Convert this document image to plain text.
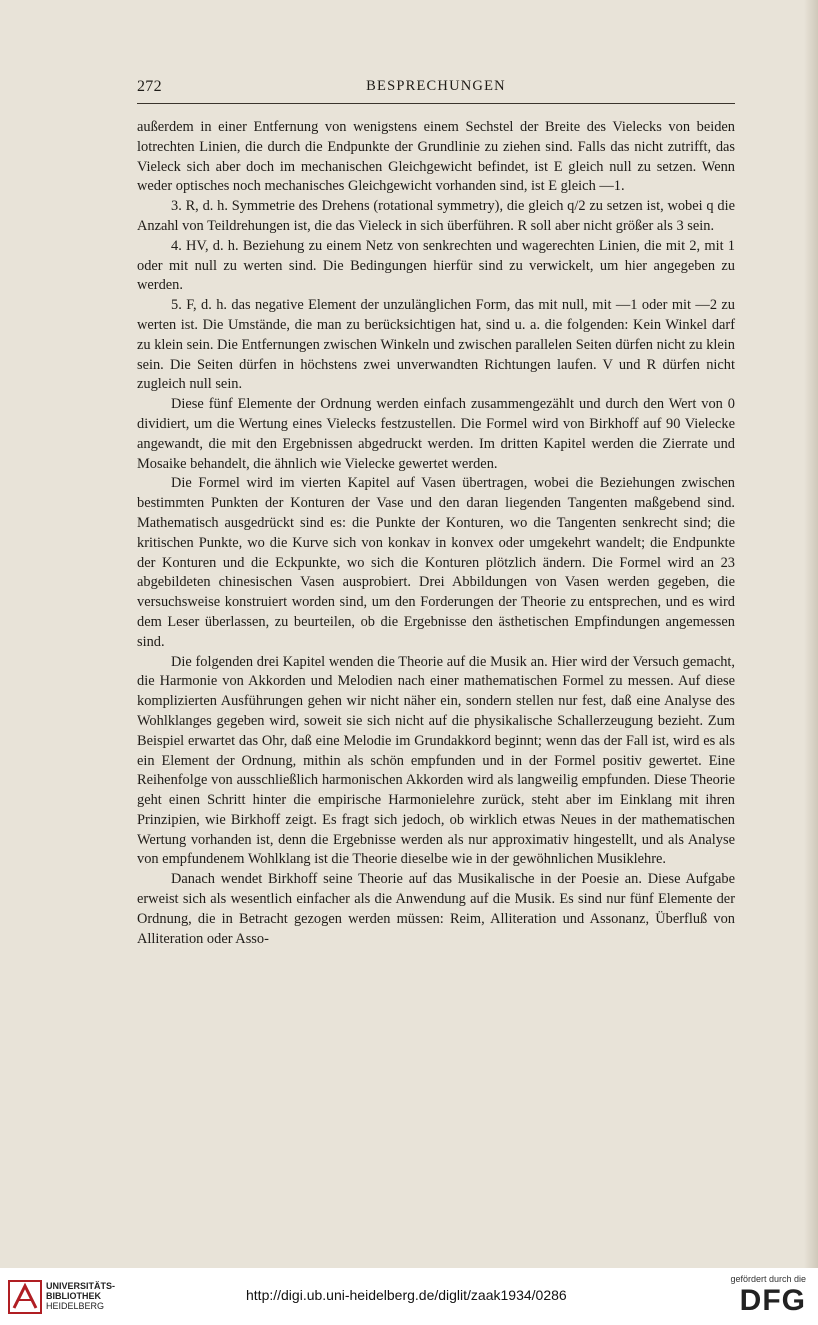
272	BESPRECHUNGEN

außerdem in einer Entfernung von wenigstens einem Sechstel der Breite des Vielecks von beiden lotrechten Linien, die durch die Endpunkte der Grundlinie zu ziehen sind. Falls das nicht zutrifft, das Vieleck sich aber doch im mechanischen Gleichgewicht befindet, ist E gleich null zu setzen. Wenn weder optisches noch mechanisches Gleichgewicht vorhanden sind, ist E gleich —1.

3. R, d. h. Symmetrie des Drehens (rotational symmetry), die gleich q/2 zu setzen ist, wobei q die Anzahl von Teildrehungen ist, die das Vieleck in sich überführen. R soll aber nicht größer als 3 sein.

4. HV, d. h. Beziehung zu einem Netz von senkrechten und wagerechten Linien, die mit 2, mit 1 oder mit null zu werten sind. Die Bedingungen hierfür sind zu verwickelt, um hier angegeben zu werden.

5. F, d. h. das negative Element der unzulänglichen Form, das mit null, mit —1 oder mit —2 zu werten ist. Die Umstände, die man zu berücksichtigen hat, sind u. a. die folgenden: Kein Winkel darf zu klein sein. Die Entfernungen zwischen Winkeln und zwischen parallelen Seiten dürfen nicht zu klein sein. Die Seiten dürfen in höchstens zwei unverwandten Richtungen laufen. V und R dürfen nicht zugleich null sein.

Diese fünf Elemente der Ordnung werden einfach zusammengezählt und durch den Wert von 0 dividiert, um die Wertung eines Vielecks festzustellen. Die Formel wird von Birkhoff auf 90 Vielecke angewandt, die mit den Ergebnissen abgedruckt werden. Im dritten Kapitel werden die Zierrate und Mosaike behandelt, die ähnlich wie Vielecke gewertet werden.

Die Formel wird im vierten Kapitel auf Vasen übertragen, wobei die Beziehungen zwischen bestimmten Punkten der Konturen der Vase und den daran liegenden Tangenten maßgebend sind. Mathematisch ausgedrückt sind es: die Punkte der Konturen, wo die Tangenten senkrecht sind; die kritischen Punkte, wo die Kurve sich von konkav in konvex oder umgekehrt wandelt; die Endpunkte der Konturen und die Eckpunkte, wo sich die Konturen plötzlich ändern. Die Formel wird an 23 abgebildeten chinesischen Vasen ausprobiert. Drei Abbildungen von Vasen werden gegeben, die versuchsweise konstruiert worden sind, um den Forderungen der Theorie zu entsprechen, und es wird dem Leser überlassen, zu beurteilen, ob die Ergebnisse den ästhetischen Empfindungen angemessen sind.

Die folgenden drei Kapitel wenden die Theorie auf die Musik an. Hier wird der Versuch gemacht, die Harmonie von Akkorden und Melodien nach einer mathematischen Formel zu messen. Auf diese komplizierten Ausführungen gehen wir nicht näher ein, sondern stellen nur fest, daß eine Analyse des Wohlklanges gegeben wird, soweit sie sich nicht auf die physikalische Schallerzeugung bezieht. Zum Beispiel erwartet das Ohr, daß eine Melodie im Grundakkord beginnt; wenn das der Fall ist, wird es als ein Element der Ordnung, mithin als schön empfunden und in der Formel positiv gewertet. Eine Reihenfolge von ausschließlich harmonischen Akkorden wird als langweilig empfunden. Diese Theorie geht einen Schritt hinter die empirische Harmonielehre zurück, steht aber im Einklang mit ihren Prinzipien, wie Birkhoff zeigt. Es fragt sich jedoch, ob wirklich etwas Neues in der mathematischen Wertung vorhanden ist, denn die Ergebnisse werden als nur approximativ hingestellt, und als Analyse von empfundenem Wohlklang ist die Theorie dieselbe wie in der gewöhnlichen Musiklehre.

Danach wendet Birkhoff seine Theorie auf das Musikalische in der Poesie an. Diese Aufgabe erweist sich als wesentlich einfacher als die Anwendung auf die Musik. Es sind nur fünf Elemente der Ordnung, die in Betracht gezogen werden müssen: Reim, Alliteration und Assonanz, Überfluß von Alliteration oder Asso-

UNIVERSITÄTS-
BIBLIOTHEK
HEIDELBERG
http://digi.ub.uni-heidelberg.de/diglit/zaak1934/0286
gefördert durch die
DFG
